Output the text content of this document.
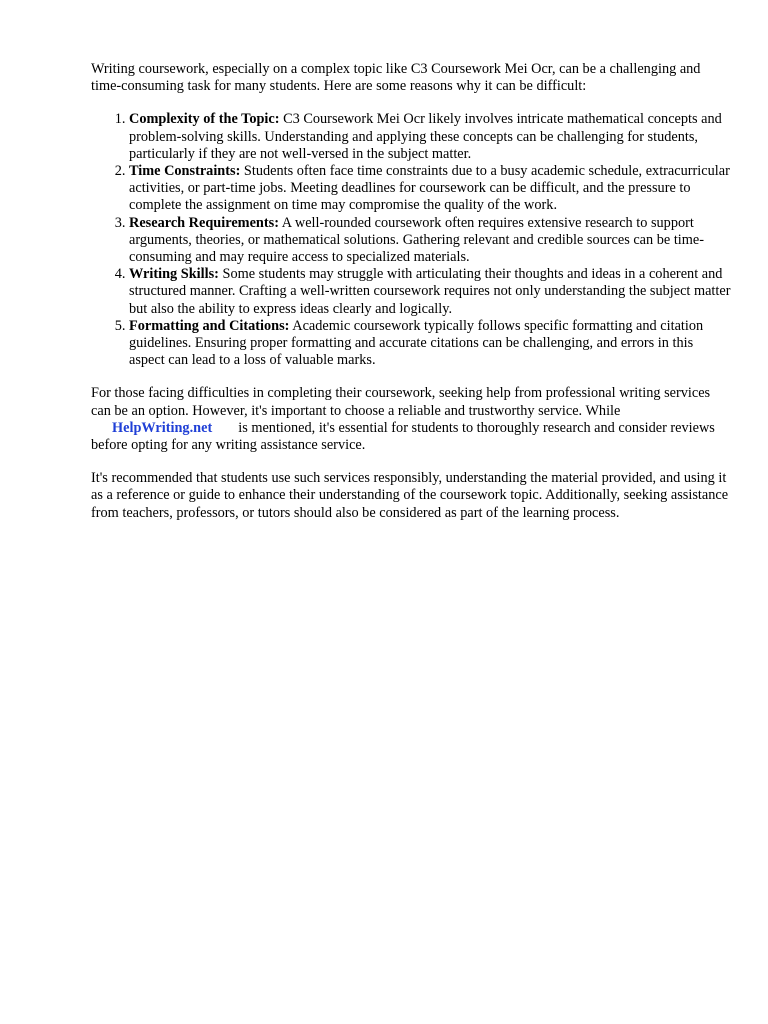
Writing coursework, especially on a complex topic like C3 Coursework Mei Ocr, can be a challenging and time-consuming task for many students. Here are some reasons why it can be difficult:

1. Complexity of the Topic: C3 Coursework Mei Ocr likely involves intricate mathematical concepts and problem-solving skills. Understanding and applying these concepts can be challenging for students, particularly if they are not well-versed in the subject matter.
2. Time Constraints: Students often face time constraints due to a busy academic schedule, extracurricular activities, or part-time jobs. Meeting deadlines for coursework can be difficult, and the pressure to complete the assignment on time may compromise the quality of the work.
3. Research Requirements: A well-rounded coursework often requires extensive research to support arguments, theories, or mathematical solutions. Gathering relevant and credible sources can be time-consuming and may require access to specialized materials.
4. Writing Skills: Some students may struggle with articulating their thoughts and ideas in a coherent and structured manner. Crafting a well-written coursework requires not only understanding the subject matter but also the ability to express ideas clearly and logically.
5. Formatting and Citations: Academic coursework typically follows specific formatting and citation guidelines. Ensuring proper formatting and accurate citations can be challenging, and errors in this aspect can lead to a loss of valuable marks.

For those facing difficulties in completing their coursework, seeking help from professional writing services can be an option. However, it's important to choose a reliable and trustworthy service. While HelpWriting.net is mentioned, it's essential for students to thoroughly research and consider reviews before opting for any writing assistance service.

It's recommended that students use such services responsibly, understanding the material provided, and using it as a reference or guide to enhance their understanding of the coursework topic. Additionally, seeking assistance from teachers, professors, or tutors should also be considered as part of the learning process.
